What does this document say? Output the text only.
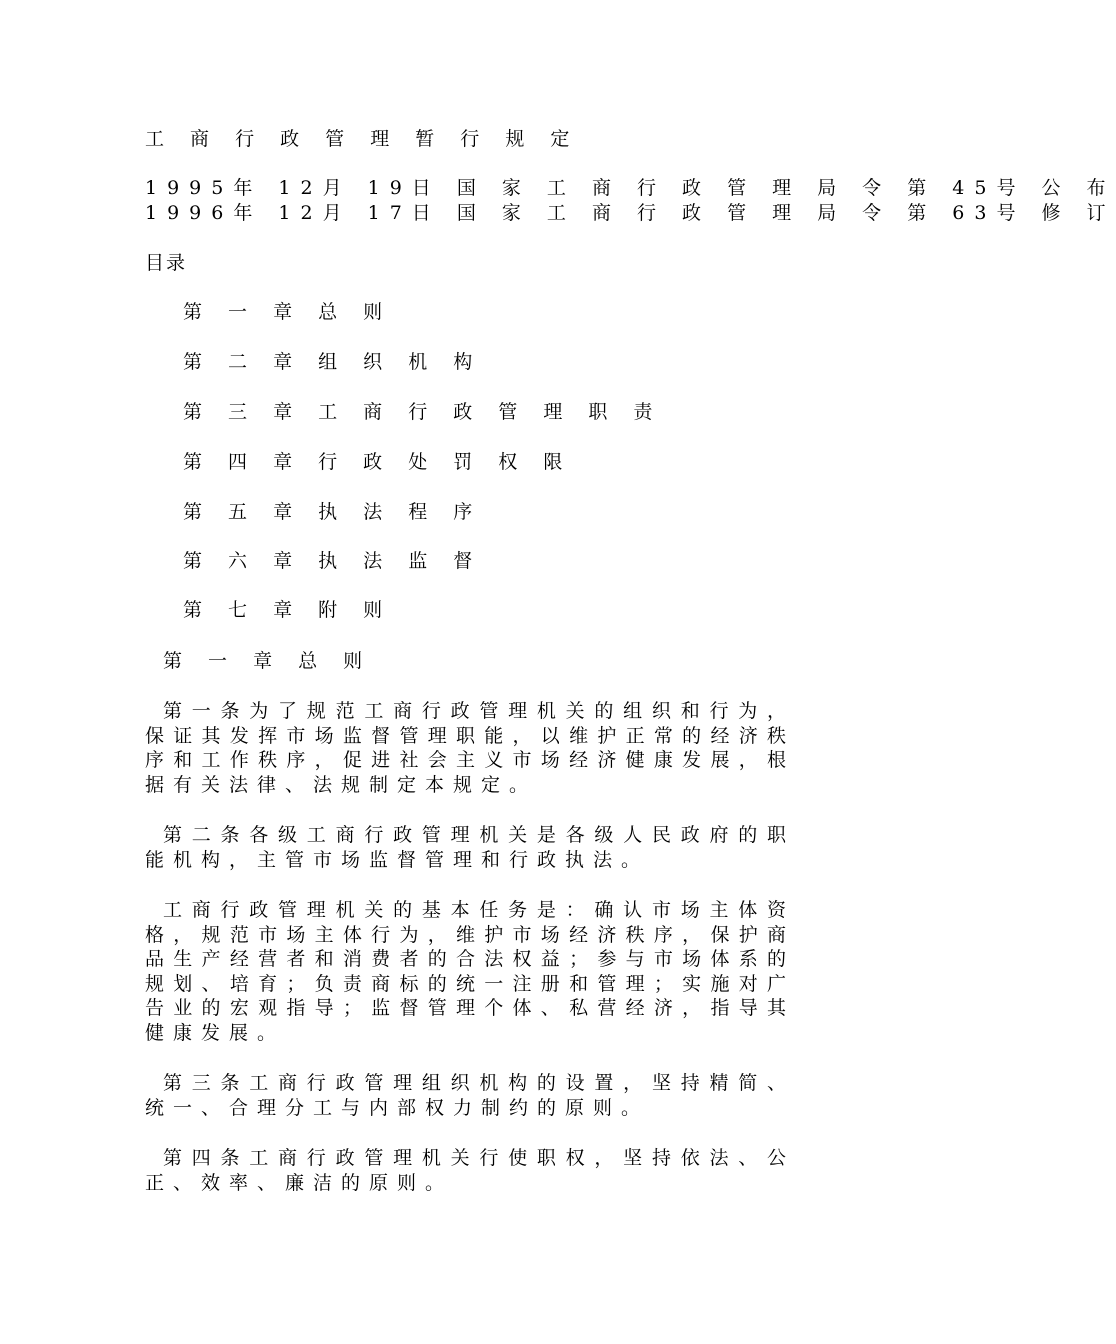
工 商 行 政 管 理 暂 行 规 定
1995年 12月 19日 国 家 工 商 行 政 管 理 局 令 第 45号 公 布
1996年 12月 17日 国 家 工 商 行 政 管 理 局 令 第 63号 修 订
目录
第 一 章 总 则
第 二 章 组 织 机 构
第 三 章 工 商 行 政 管 理 职 责
第 四 章 行 政 处 罚 权 限
第 五 章 执 法 程 序
第 六 章 执 法 监 督
第 七 章 附 则
第 一 章 总 则
第一条为了规范工商行政管理机关的组织和行为，保证其发挥市场监督管理职能，以维护正常的经济秩序和工作秩序，促进社会主义市场经济健康发展，根据有关法律、法规制定本规定。
第二条各级工商行政管理机关是各级人民政府的职能机构，主管市场监督管理和行政执法。
工商行政管理机关的基本任务是：确认市场主体资格，规范市场主体行为，维护市场经济秩序，保护商品生产经营者和消费者的合法权益；参与市场体系的规划、培育；负责商标的统一注册和管理；实施对广告业的宏观指导；监督管理个体、私营经济，指导其健康发展。
第三条工商行政管理组织机构的设置，坚持精简、统一、合理分工与内部权力制约的原则。
第四条工商行政管理机关行使职权，坚持依法、公正、效率、廉洁的原则。
